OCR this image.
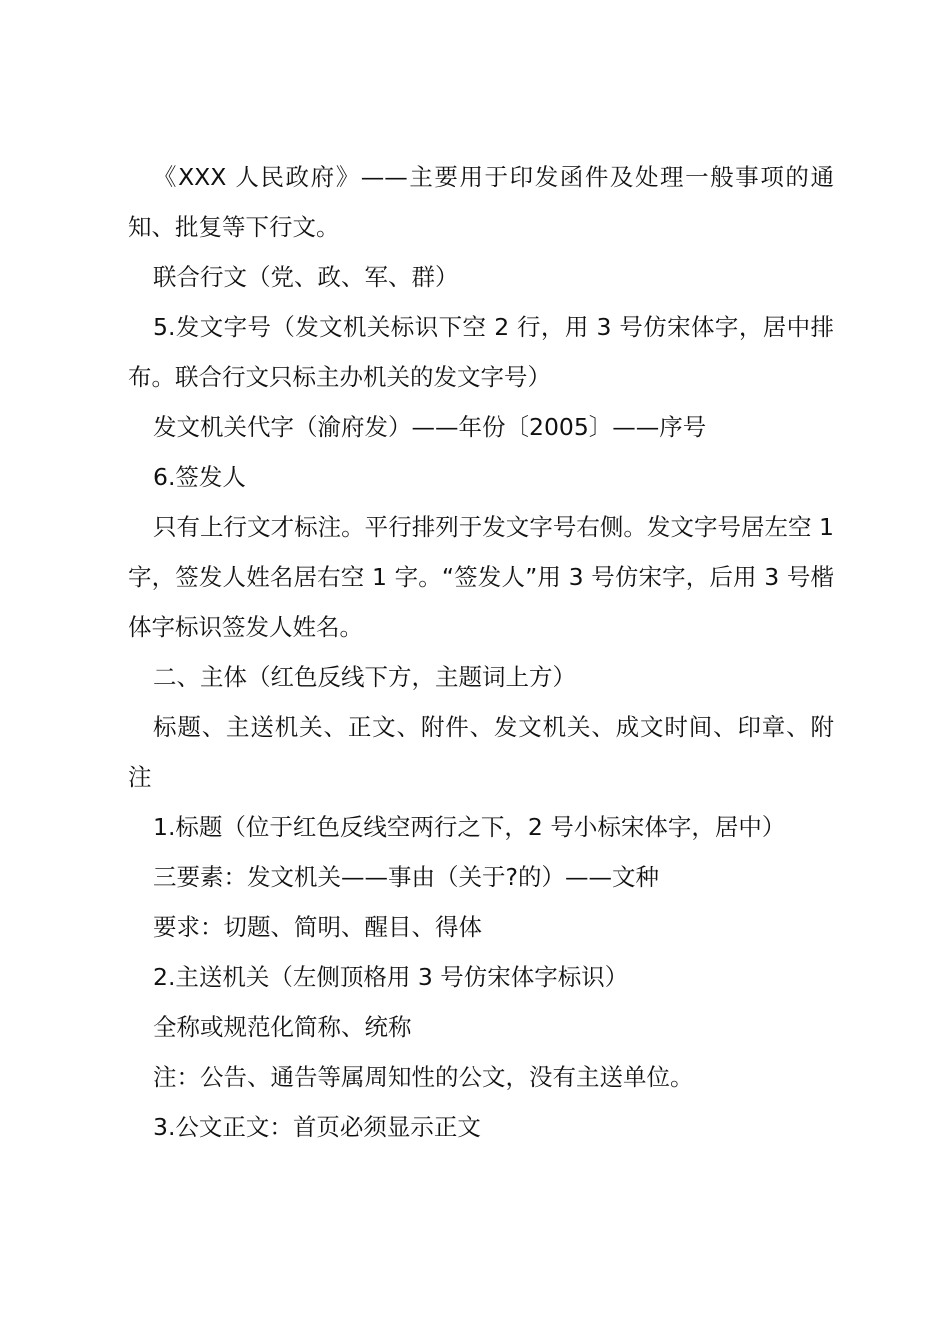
《XXX 人民政府》——主要用于印发函件及处理一般事项的通知、批复等下行文。

联合行文（党、政、军、群）

5.发文字号（发文机关标识下空 2 行，用 3 号仿宋体字，居中排布。联合行文只标主办机关的发文字号）

发文机关代字（渝府发）——年份〔2005〕——序号

6.签发人

只有上行文才标注。平行排列于发文字号右侧。发文字号居左空 1 字，签发人姓名居右空 1 字。“签发人”用 3 号仿宋字，后用 3 号楷体字标识签发人姓名。

二、主体（红色反线下方，主题词上方）

标题、主送机关、正文、附件、发文机关、成文时间、印章、附注

1.标题（位于红色反线空两行之下，2 号小标宋体字，居中）

三要素：发文机关——事由（关于?的）——文种

要求：切题、简明、醒目、得体

2.主送机关（左侧顶格用 3 号仿宋体字标识）

全称或规范化简称、统称

注：公告、通告等属周知性的公文，没有主送单位。

3.公文正文：首页必须显示正文
